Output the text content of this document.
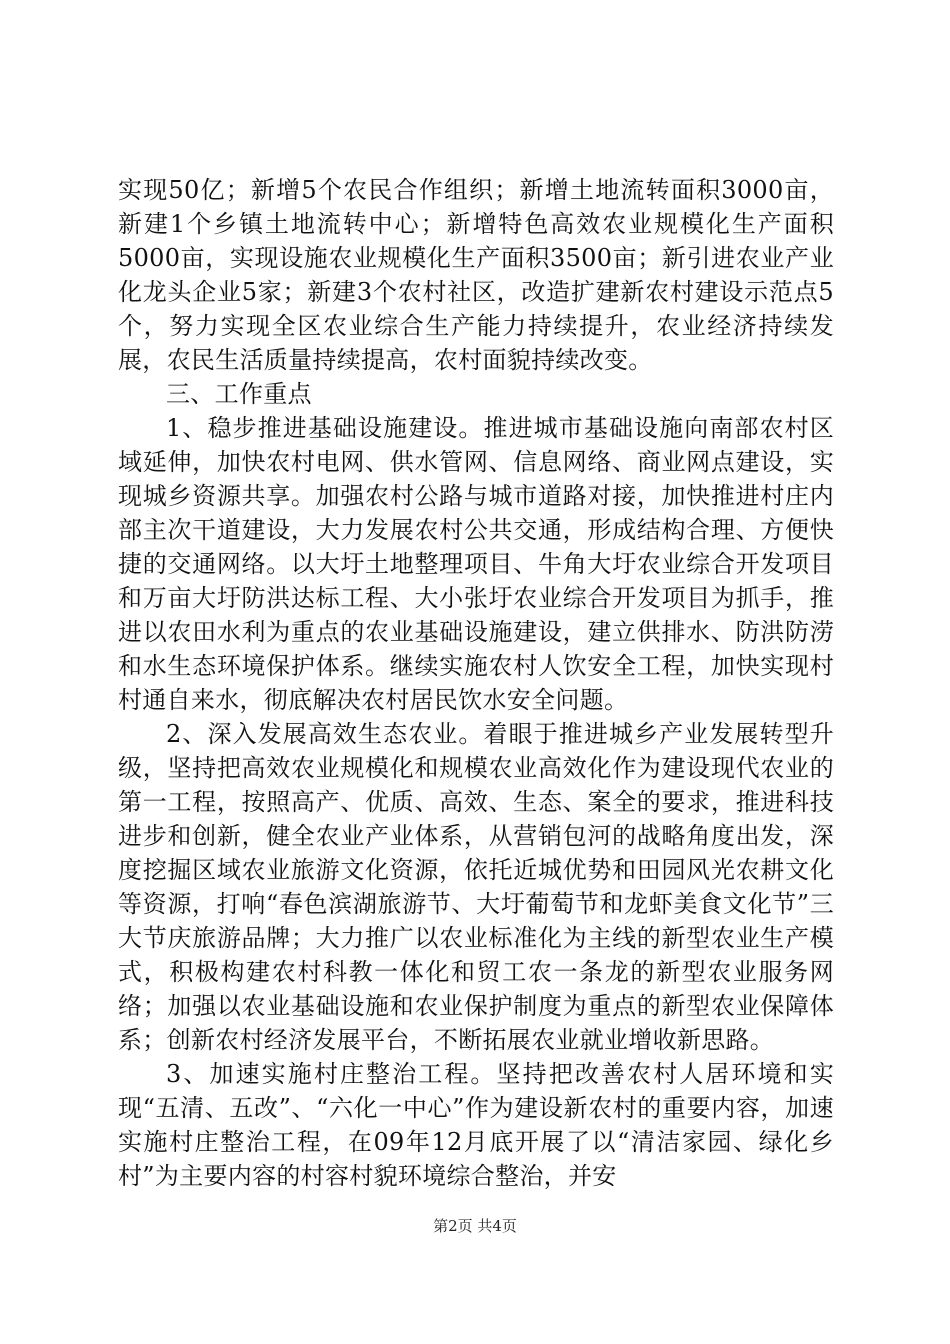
实现50亿；新增5个农民合作组织；新增土地流转面积3000亩，新建1个乡镇土地流转中心；新增特色高效农业规模化生产面积5000亩，实现设施农业规模化生产面积3500亩；新引进农业产业化龙头企业5家；新建3个农村社区，改造扩建新农村建设示范点5个，努力实现全区农业综合生产能力持续提升，农业经济持续发展，农民生活质量持续提高，农村面貌持续改变。

三、工作重点

1、稳步推进基础设施建设。推进城市基础设施向南部农村区域延伸，加快农村电网、供水管网、信息网络、商业网点建设，实现城乡资源共享。加强农村公路与城市道路对接，加快推进村庄内部主次干道建设，大力发展农村公共交通，形成结构合理、方便快捷的交通网络。以大圩土地整理项目、牛角大圩农业综合开发项目和万亩大圩防洪达标工程、大小张圩农业综合开发项目为抓手，推进以农田水利为重点的农业基础设施建设，建立供排水、防洪防涝和水生态环境保护体系。继续实施农村人饮安全工程，加快实现村村通自来水，彻底解决农村居民饮水安全问题。

2、深入发展高效生态农业。着眼于推进城乡产业发展转型升级，坚持把高效农业规模化和规模农业高效化作为建设现代农业的第一工程，按照高产、优质、高效、生态、案全的要求，推进科技进步和创新，健全农业产业体系，从营销包河的战略角度出发，深度挖掘区域农业旅游文化资源，依托近城优势和田园风光农耕文化等资源，打响“春色滨湖旅游节、大圩葡萄节和龙虾美食文化节”三大节庆旅游品牌；大力推广以农业标准化为主线的新型农业生产模式，积极构建农村科教一体化和贸工农一条龙的新型农业服务网络；加强以农业基础设施和农业保护制度为重点的新型农业保障体系；创新农村经济发展平台，不断拓展农业就业增收新思路。

3、加速实施村庄整治工程。坚持把改善农村人居环境和实现“五清、五改”、“六化一中心”作为建设新农村的重要内容，加速实施村庄整治工程，在09年12月底开展了以“清洁家园、绿化乡村”为主要内容的村容村貌环境综合整治，并安

第2页 共4页
